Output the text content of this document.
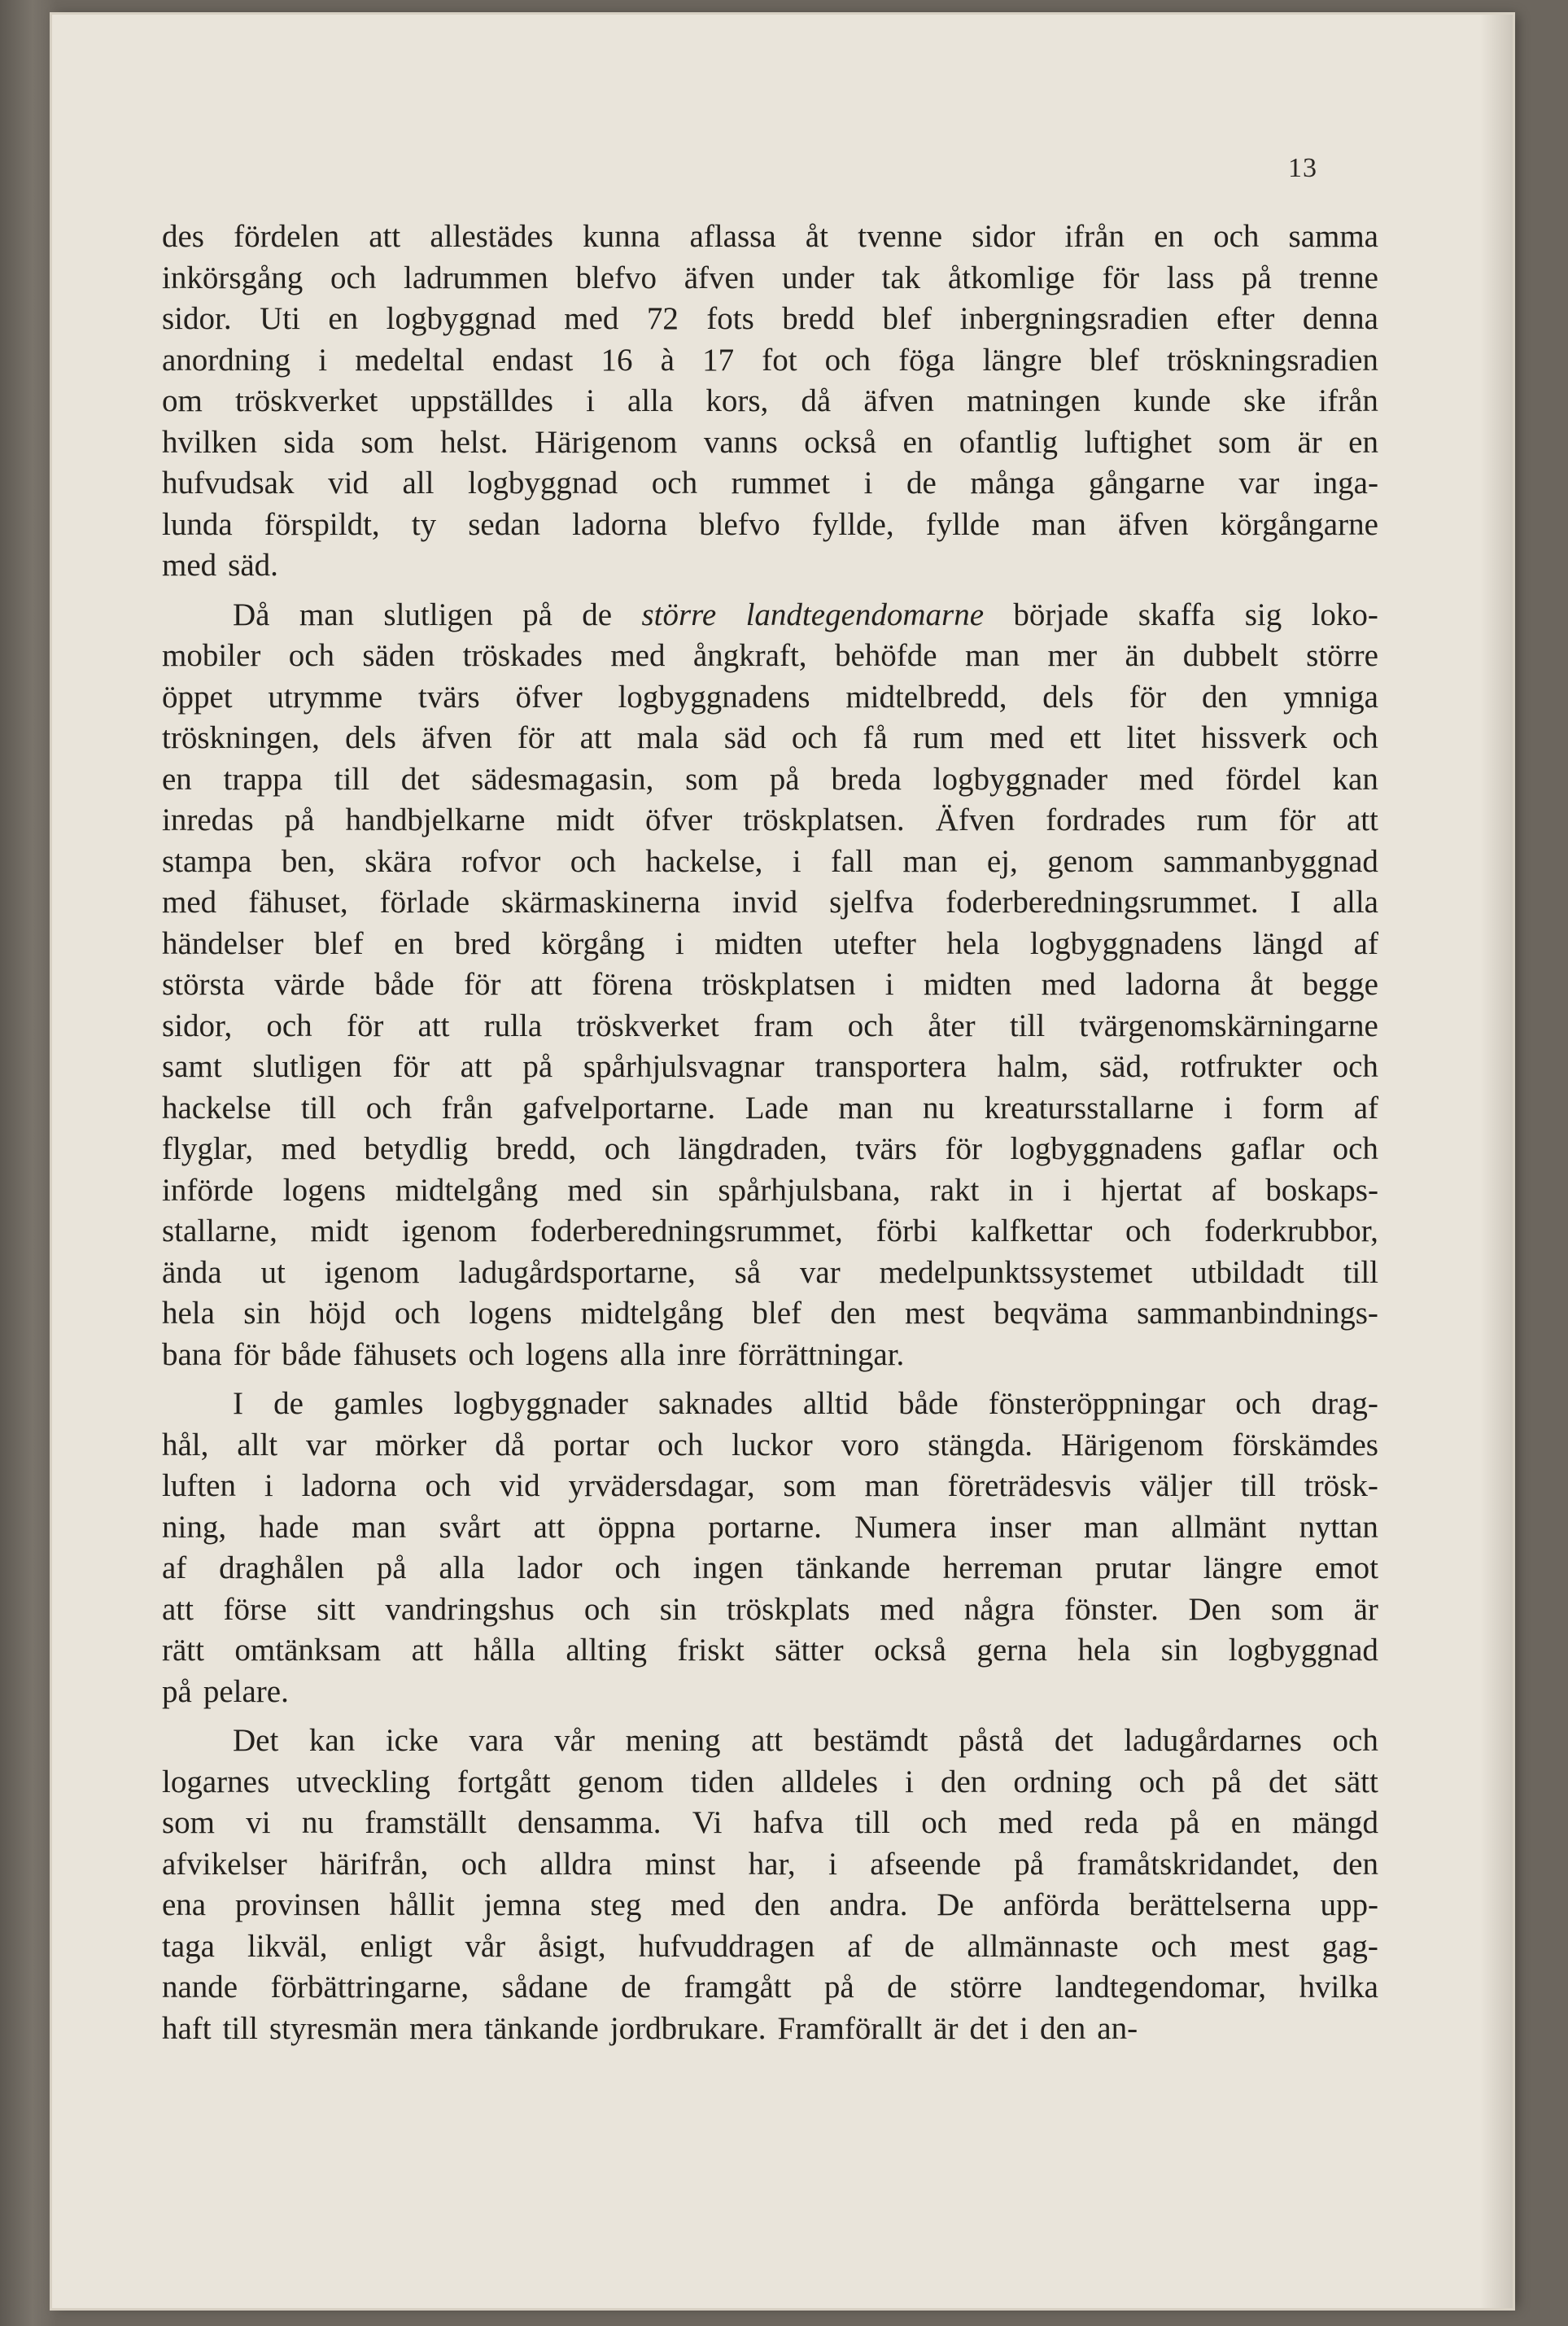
13
des fördelen att allestädes kunna aflassa åt tvenne sidor ifrån en och samma
inkörsgång och ladrummen blefvo äfven under tak åtkomlige för lass på trenne
sidor. Uti en logbyggnad med 72 fots bredd blef inbergningsradien efter denna
anordning i medeltal endast 16 à 17 fot och föga längre blef tröskningsradien
om tröskverket uppställdes i alla kors, då äfven matningen kunde ske ifrån
hvilken sida som helst. Härigenom vanns också en ofantlig luftighet som är en
hufvudsak vid all logbyggnad och rummet i de många gångarne var inga-
lunda förspildt, ty sedan ladorna blefvo fyllde, fyllde man äfven körgångarne
med säd.
Då man slutligen på de större landtegendomarne började skaffa sig loko-
mobiler och säden tröskades med ångkraft, behöfde man mer än dubbelt större
öppet utrymme tvärs öfver logbyggnadens midtelbredd, dels för den ymniga
tröskningen, dels äfven för att mala säd och få rum med ett litet hissverk och
en trappa till det sädesmagasin, som på breda logbyggnader med fördel kan
inredas på handbjelkarne midt öfver tröskplatsen. Äfven fordrades rum för att
stampa ben, skära rofvor och hackelse, i fall man ej, genom sammanbyggnad
med fähuset, förlade skärmaskinerna invid sjelfva foderberedningsrummet. I alla
händelser blef en bred körgång i midten utefter hela logbyggnadens längd af
största värde både för att förena tröskplatsen i midten med ladorna åt begge
sidor, och för att rulla tröskverket fram och åter till tvärgenomskärningarne
samt slutligen för att på spårhjulsvagnar transportera halm, säd, rotfrukter och
hackelse till och från gafvelportarne. Lade man nu kreatursstallarne i form af
flyglar, med betydlig bredd, och längdraden, tvärs för logbyggnadens gaflar och
införde logens midtelgång med sin spårhjulsbana, rakt in i hjertat af boskaps-
stallarne, midt igenom foderberedningsrummet, förbi kalfkettar och foderkrubbor,
ända ut igenom ladugårdsportarne, så var medelpunktssystemet utbildadt till
hela sin höjd och logens midtelgång blef den mest beqväma sammanbindnings-
bana för både fähusets och logens alla inre förrättningar.
I de gamles logbyggnader saknades alltid både fönsteröppningar och drag-
hål, allt var mörker då portar och luckor voro stängda. Härigenom förskämdes
luften i ladorna och vid yrvädersdagar, som man företrädesvis väljer till trösk-
ning, hade man svårt att öppna portarne. Numera inser man allmänt nyttan
af draghålen på alla lador och ingen tänkande herreman prutar längre emot
att förse sitt vandringshus och sin tröskplats med några fönster. Den som är
rätt omtänksam att hålla allting friskt sätter också gerna hela sin logbyggnad
på pelare.
Det kan icke vara vår mening att bestämdt påstå det ladugårdarnes och
logarnes utveckling fortgått genom tiden alldeles i den ordning och på det sätt
som vi nu framställt densamma. Vi hafva till och med reda på en mängd
afvikelser härifrån, och alldra minst har, i afseende på framåtskridandet, den
ena provinsen hållit jemna steg med den andra. De anförda berättelserna upp-
taga likväl, enligt vår åsigt, hufvuddragen af de allmännaste och mest gag-
nande förbättringarne, sådane de framgått på de större landtegendomar, hvilka
haft till styresmän mera tänkande jordbrukare. Framförallt är det i den an-
